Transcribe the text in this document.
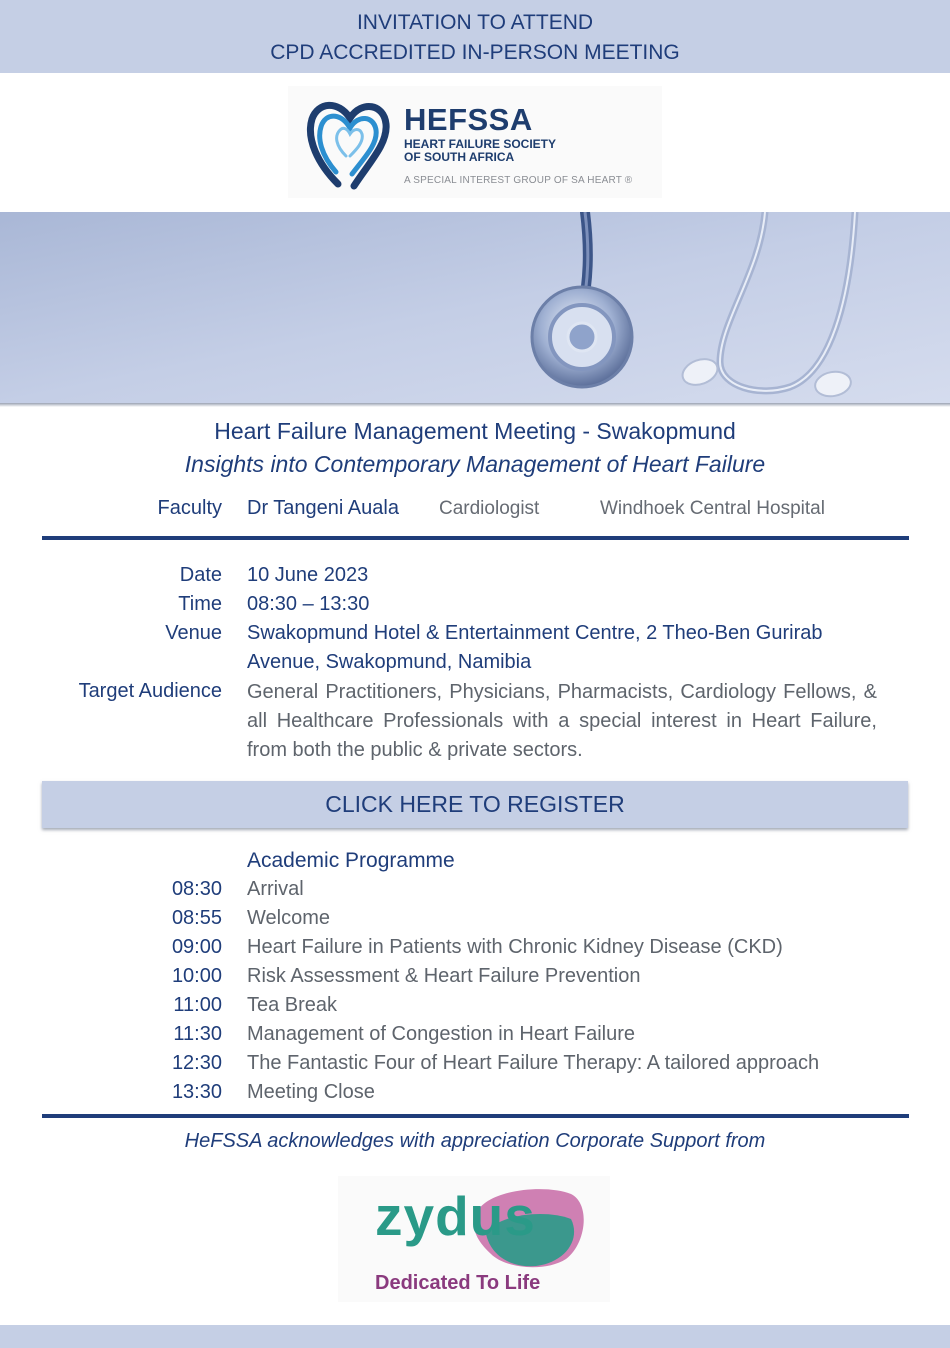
INVITATION TO ATTEND
CPD ACCREDITED IN-PERSON MEETING
HEFSSA
HEART FAILURE SOCIETY
OF SOUTH AFRICA
A SPECIAL INTEREST GROUP OF SA HEART ®
Heart Failure Management Meeting - Swakopmund
Insights into Contemporary Management of Heart Failure
Faculty Dr Tangeni Auala Cardiologist	Windhoek Central Hospital
Date 10 June 2023
Time 08:30 – 13:30
Venue Swakopmund Hotel & Entertainment Centre, 2 Theo-Ben Gurirab
Avenue, Swakopmund, Namibia
Target Audience General Practitioners, Physicians, Pharmacists, Cardiology Fellows, & all Healthcare Professionals with a special interest in Heart Failure, from both the public & private sectors.
CLICK HERE TO REGISTER
Academic Programme
08:30 Arrival
08:55 Welcome
09:00 Heart Failure in Patients with Chronic Kidney Disease (CKD)
10:00 Risk Assessment & Heart Failure Prevention
11:00 Tea Break
11:30 Management of Congestion in Heart Failure
12:30 The Fantastic Four of Heart Failure Therapy: A tailored approach
13:30 Meeting Close
HeFSSA acknowledges with appreciation Corporate Support from
zydus
Dedicated To Life
